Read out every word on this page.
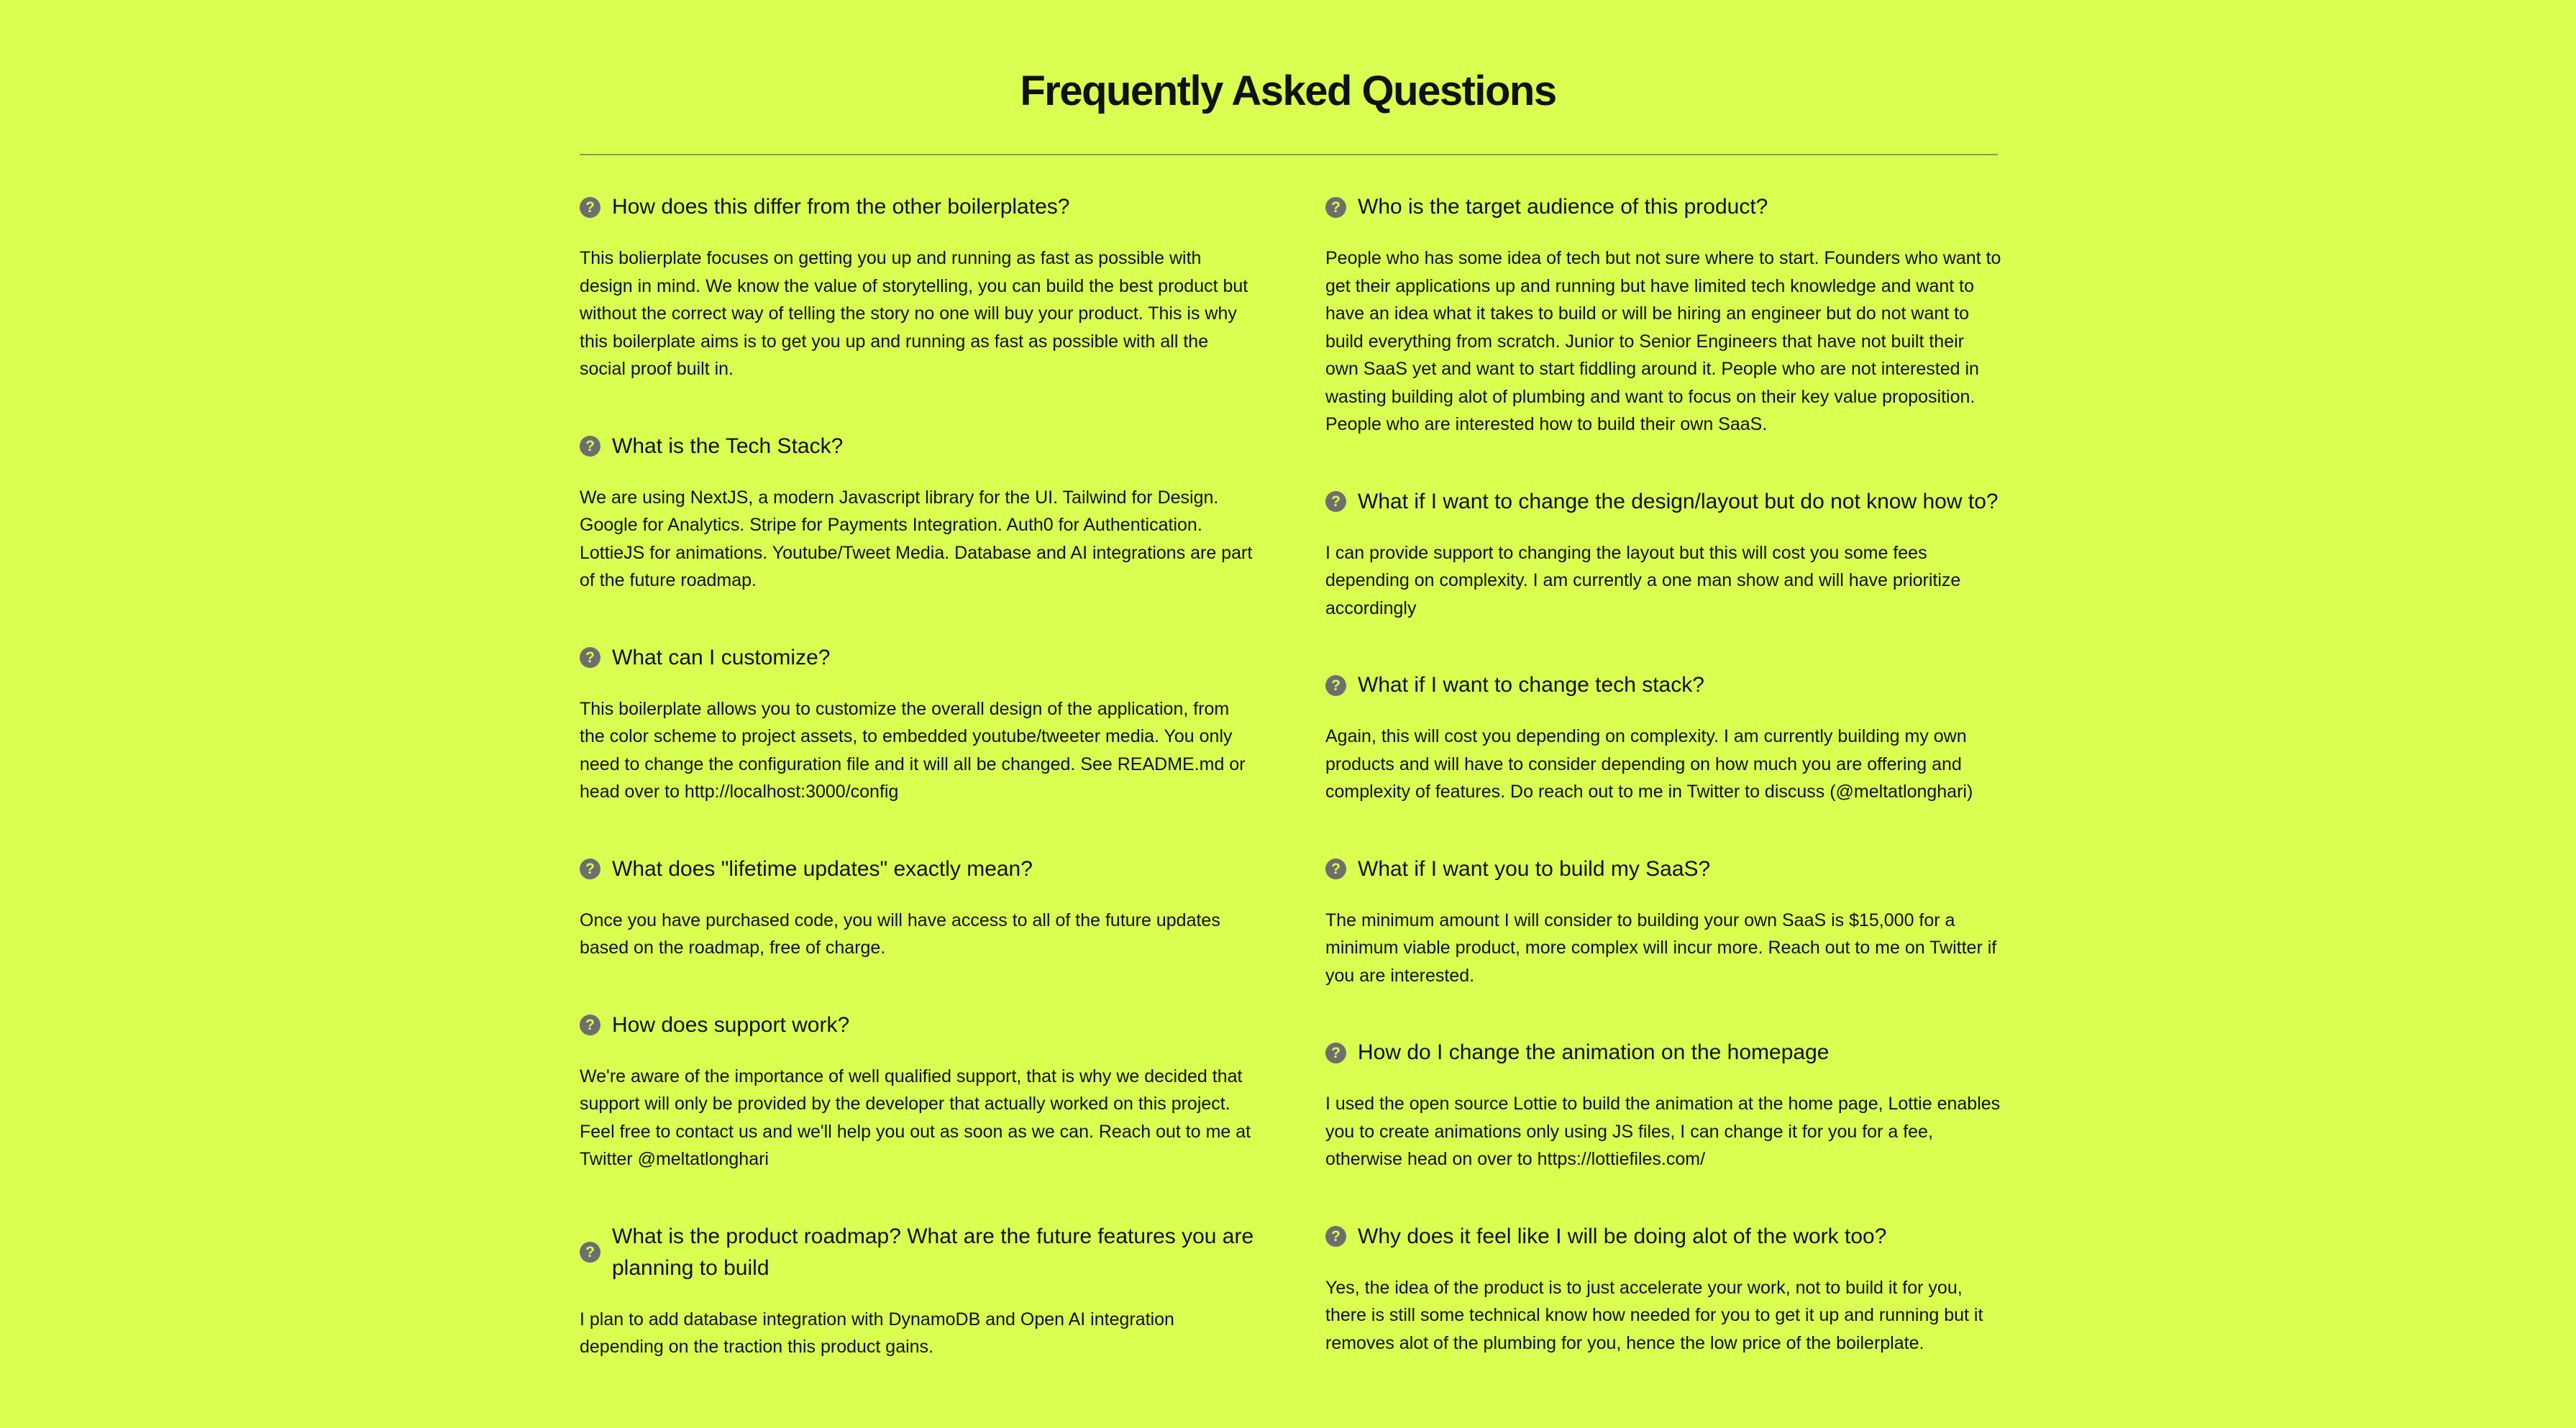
Frequently Asked Questions
? How does this differ from the other boilerplates?

This bolierplate focuses on getting you up and running as fast as possible with design in mind. We know the value of storytelling, you can build the best product but without the correct way of telling the story no one will buy your product. This is why this boilerplate aims is to get you up and running as fast as possible with all the social proof built in.

? What is the Tech Stack?

We are using NextJS, a modern Javascript library for the UI. Tailwind for Design. Google for Analytics. Stripe for Payments Integration. Auth0 for Authentication. LottieJS for animations. Youtube/Tweet Media. Database and AI integrations are part of the future roadmap.

? What can I customize?

This boilerplate allows you to customize the overall design of the application, from the color scheme to project assets, to embedded youtube/tweeter media. You only need to change the configuration file and it will all be changed. See README.md or head over to http://localhost:3000/config

? What does "lifetime updates" exactly mean?

Once you have purchased code, you will have access to all of the future updates based on the roadmap, free of charge.

? How does support work?

We're aware of the importance of well qualified support, that is why we decided that support will only be provided by the developer that actually worked on this project. Feel free to contact us and we'll help you out as soon as we can. Reach out to me at Twitter @meltatlonghari

?
What is the product roadmap? What are the future features you are planning to build

I plan to add database integration with DynamoDB and Open AI integration depending on the traction this product gains.

? Who is the target audience of this product?

People who has some idea of tech but not sure where to start. Founders who want to get their applications up and running but have limited tech knowledge and want to have an idea what it takes to build or will be hiring an engineer but do not want to build everything from scratch. Junior to Senior Engineers that have not built their own SaaS yet and want to start fiddling around it. People who are not interested in wasting building alot of plumbing and want to focus on their key value proposition. People who are interested how to build their own SaaS.

? What if I want to change the design/layout but do not know how to?

I can provide support to changing the layout but this will cost you some fees depending on complexity. I am currently a one man show and will have prioritize accordingly

? What if I want to change tech stack?

Again, this will cost you depending on complexity. I am currently building my own products and will have to consider depending on how much you are offering and complexity of features. Do reach out to me in Twitter to discuss (@meltatlonghari)

? What if I want you to build my SaaS?

The minimum amount I will consider to building your own SaaS is $15,000 for a minimum viable product, more complex will incur more. Reach out to me on Twitter if you are interested.

? How do I change the animation on the homepage

I used the open source Lottie to build the animation at the home page, Lottie enables you to create animations only using JS files, I can change it for you for a fee, otherwise head on over to https://lottiefiles.com/

? Why does it feel like I will be doing alot of the work too?

Yes, the idea of the product is to just accelerate your work, not to build it for you, there is still some technical know how needed for you to get it up and running but it removes alot of the plumbing for you, hence the low price of the boilerplate.
